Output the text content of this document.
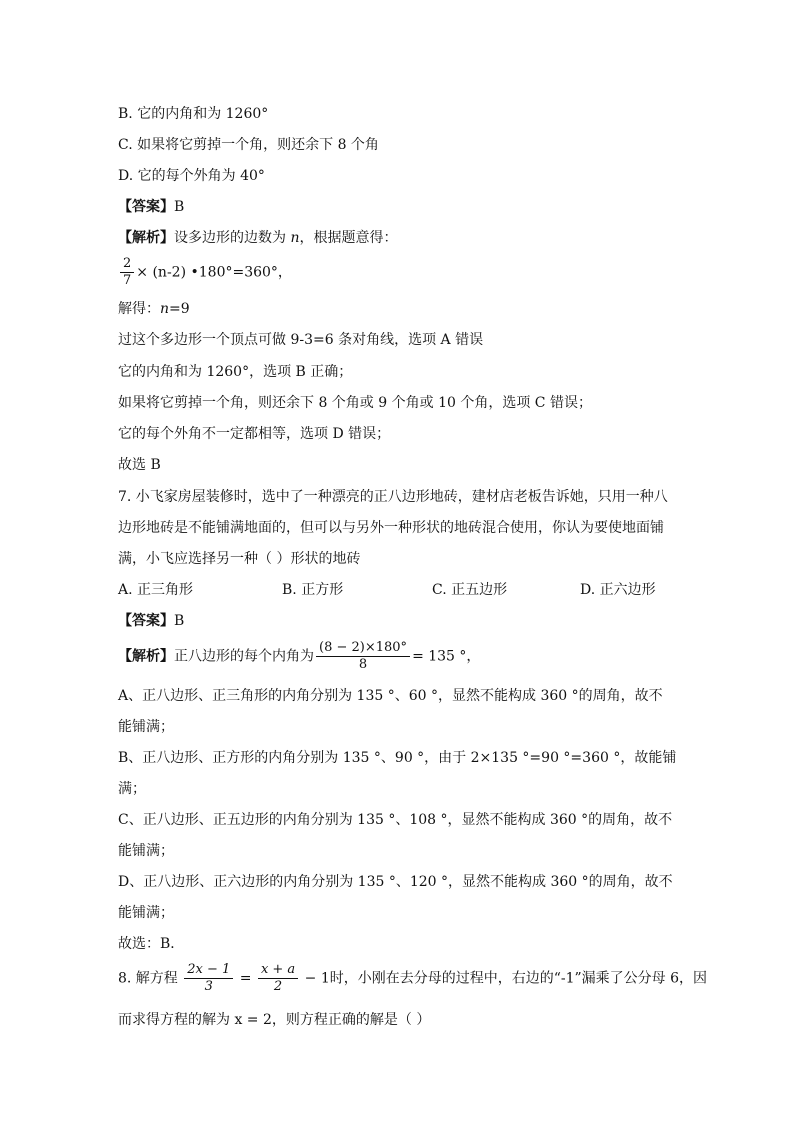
B. 它的内角和为 1260°
C. 如果将它剪掉一个角，则还余下 8 个角
D. 它的每个外角为 40°
【答案】B
【解析】设多边形的边数为 n，根据题意得：
$\frac{2}{7} \times (n-2)$ •180°=360°，
解得：n=9
过这个多边形一个顶点可做 9-3=6 条对角线，选项 A 错误
它的内角和为 1260°，选项 B 正确；
如果将它剪掉一个角，则还余下 8 个角或 9 个角或 10 个角，选项 C 错误；
它的每个外角不一定都相等，选项 D 错误；
故选 B
7. 小飞家房屋装修时，选中了一种漂亮的正八边形地砖，建材店老板告诉她，只用一种八
边形地砖是不能铺满地面的，但可以与另外一种形状的地砖混合使用，你认为要使地面铺
满，小飞应选择另一种（ ）形状的地砖
A. 正三角形	B. 正方形	C. 正五边形	D. 正六边形
【答案】B
【解析】正八边形的每个内角为 $\frac{(8 - 2)\times 180^\circ}{8} = 135$ °，
A、正八边形、正三角形的内角分别为 135 °、60 °，显然不能构成 360 °的周角，故不
能铺满；
B、正八边形、正方形的内角分别为 135 °、90 °，由于 2×135 °=90 °=360 °，故能铺
满；
C、正八边形、正五边形的内角分别为 135 °、108 °，显然不能构成 360 °的周角，故不
能铺满；
D、正八边形、正六边形的内角分别为 135 °、120 °，显然不能构成 360 °的周角，故不
能铺满；
故选：B．
8. 解方程 $\frac{2x - 1}{3} = \frac{x + a}{2} - 1$时，小刚在去分母的过程中，右边的“-1”漏乘了公分母 6，因
而求得方程的解为 x = 2，则方程正确的解是（ ）
